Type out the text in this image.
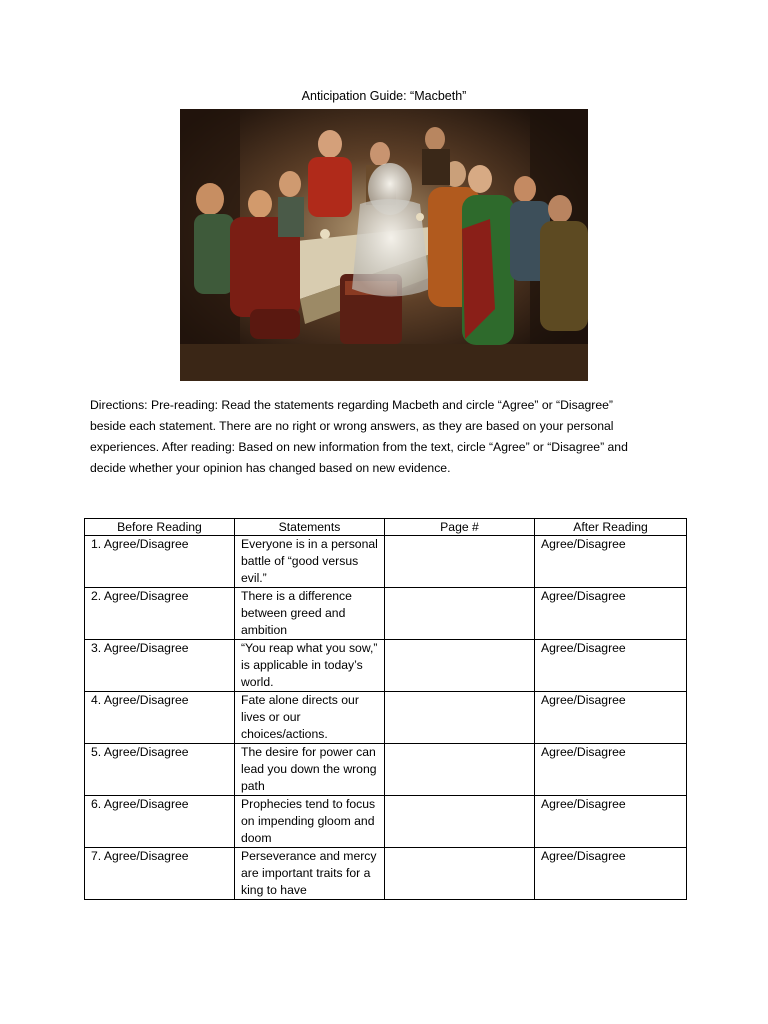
Anticipation Guide: “Macbeth”
Directions: Pre-reading: Read the statements regarding Macbeth and circle “Agree” or “Disagree”
beside each statement. There are no right or wrong answers, as they are based on your personal
experiences. After reading: Based on new information from the text, circle “Agree” or “Disagree” and
decide whether your opinion has changed based on new evidence.
Before Reading	Statements	Page #	After Reading
1. Agree/Disagree	Everyone is in a personal battle of “good versus evil.”		Agree/Disagree
2. Agree/Disagree	There is a difference between greed and ambition		Agree/Disagree
3. Agree/Disagree	“You reap what you sow,” is applicable in today’s world.		Agree/Disagree
4. Agree/Disagree	Fate alone directs our lives or our choices/actions.		Agree/Disagree
5. Agree/Disagree	The desire for power can lead you down the wrong path		Agree/Disagree
6. Agree/Disagree	Prophecies tend to focus on impending gloom and doom		Agree/Disagree
7. Agree/Disagree	Perseverance and mercy are important traits for a king to have		Agree/Disagree
